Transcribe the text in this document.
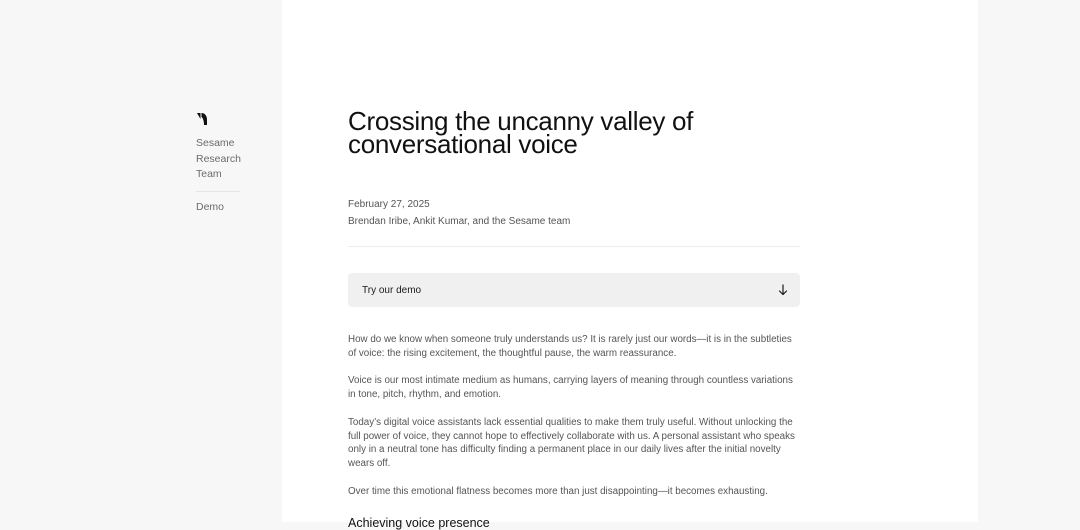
Sesame
Research
Team
Demo
Crossing the uncanny valley of
conversational voice
February 27, 2025
Brendan Iribe, Ankit Kumar, and the Sesame team
Try our demo

How do we know when someone truly understands us? It is rarely just our words—it is in the subtleties of voice: the rising excitement, the thoughtful pause, the warm reassurance.

Voice is our most intimate medium as humans, carrying layers of meaning through countless variations in tone, pitch, rhythm, and emotion.

Today’s digital voice assistants lack essential qualities to make them truly useful. Without unlocking the full power of voice, they cannot hope to effectively collaborate with us. A personal assistant who speaks only in a neutral tone has difficulty finding a permanent place in our daily lives after the initial novelty wears off.

Over time this emotional flatness becomes more than just disappointing—it becomes exhausting.

Achieving voice presence
